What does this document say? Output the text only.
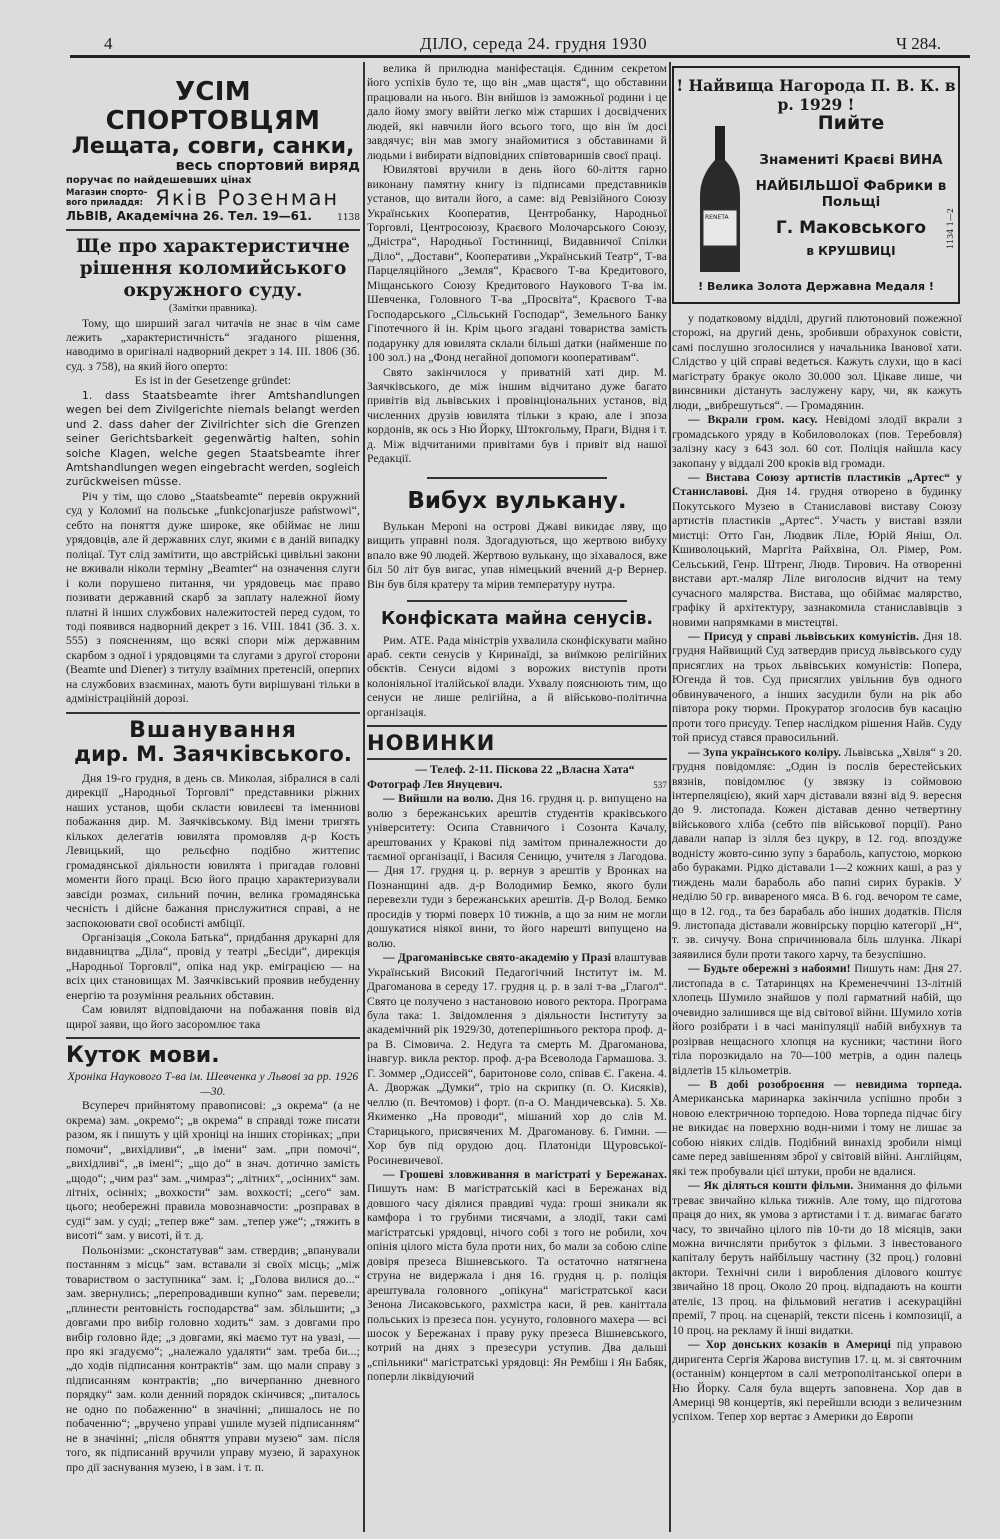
4	ДІЛО, середа 24. грудня 1930	Ч 284.
УСІМ СПОРТОВЦЯМ
Лещата, совги, санки,
весь спортовий виряд
поручає по найдешевших цінах
Магазин спорто-
вого приладдя: Яків Розенман
ЛЬВІВ, Академічна 26. Тел. 19—61.	1138
Ще про характеристичне рішення коломийського окружного суду.
(Замітки правника).

Тому, що ширший загал читачів не знає в чім саме лежить „характеристичність“ згаданого рішення, наводимо в оригіналі надворний декрет з 14. III. 1806 (Зб. суд. з 758), на який його оперто:

Es ist in der Gesetzenge gründet:

1. dass Staatsbeamte ihrer Amtshandlungen wegen bei dem Zivilgerichte niemals belangt werden und 2. dass daher der Zivilrichter sich die Grenzen seiner Gerichtsbarkeit gegenwärtig halten, sohin solche Klagen, welche gegen Staatsbeamte ihrer Amtshandlungen wegen eingebracht werden, sogleich zurückweisen müsse.

Річ у тім, що слово „Staatsbeamte“ перевів окружний суд у Коломиї на польське „funkcjonarjusze państwowi“, себто на поняття дуже широке, яке обіймає не лиш урядовців, але й державних слуг, якими є в даній випадку поліцаї. Тут слід замітити, що австрійські цивільні закони не вживали ніколи терміну „Beamter“ на означення слуги і коли порушено питання, чи урядовець має право позивати державний скарб за заплату належної йому платні й інших службових належитостей перед судом, то тоді появився надворний декрет з 16. VIII. 1841 (Зб. З. х. 555) з поясненням, що всякі спори між державним скарбом з одної і урядовцями та слугами з другої сторони (Beamte und Diener) з титулу взаїмних претенсій, оперпих на службових взаєминах, мають бути вирішувані тільки в адміністраційній дорозі.

Вшанування
дир. М. Заячківського.

Дня 19-го грудня, в день св. Миколая, зібралися в салі дирекції „Народньої Торговлі“ представники ріжних наших установ, щоби скласти ювилеєві та іменниові побажання дир. М. Заячківському. Від імени тригять кількох делегатів ювилята промовляв д-р Кость Левицький, що рельєфно подібно життепис громадянської діяльности ювилята і пригадав головні моменти його праці. Всю його працю характеризували завсіди розмах, сильний почин, велика громадянська чесність і дійсне бажання прислужитися справі, а не заспокоювати свої особисті амбіції.

Організація „Сокола Батька“, придбання друкарні для видавництва „Діла“, провід у театрі „Бесіди“, дирекція „Народньої Торговлі“, опіка над укр. еміграцією — на всіх цих становищах М. Заячківський проявив небуденну енергію та розуміння реальних обставин.

Сам ювилят відповідаючи на побажання повів від щирої заяви, що його засоромлює така

Куток мови.

Хроніка Наукового Т-ва ім. Шевченка у Львові за рр. 1926—30.

Всупереч прийнятому правописові: „з окрема“ (а не окрема) зам. „окремо“; „в окрема“ в справді тоже писати разом, як і пишуть у цій хроніці на інших сторінках; „при помочи“, „вихідливи“, „в імени“ зам. „при помочі“, „вихідливі“, „в імені“; „що до“ в знач. дотично замість „щодо“; „чим раз“ зам. „чимраз“; „літних“, „осінних“ зам. літніх, осінніх; „вохкости“ зам. вохкості; „сего“ зам. цього; необережні правила мовознавчости: „розправах в суді“ зам. у суді; „тепер вже“ зам. „тепер уже“; „тяжить в висоті“ зам. у висоті, й т. д.

Польонізми: „сконстатував“ зам. ствердив; „впанували постанням з місць“ зам. вставали зі своїх місць; „між товариством о заступника“ зам. і; „Голова вилися до...“ зам. звернулись; „перепровадивши купно“ зам. перевели; „плинести рентовність господарства“ зам. збільшити; „з довгами про вибір головно ходить“ зам. з довгами про вибір головно йде; „з довгами, які маємо тут на увазі, — про які згадуємо“; „належало удаляти“ зам. треба би...; „до ходів підписання контрактів“ зам. що мали справу з підписанням контрактів; „по вичерпанню дневного порядку“ зам. коли денний порядок скінчився; „питалось не одно по побаженню“ в значінні; „пишалось не по побаченню“; „вручено управі ушиле музей підписанням“ не в значінні; „після обняття управи музею“ зам. після того, як підписаний вручили управу музею, й зарахунок про дії заснування музею, і в зам. і т. п.

велика й прилюдна маніфестація. Єдиним секретом його успіхів було те, що він „мав щастя“, що обставини працювали на нього. Він вийшов із заможньої родини і це дало йому змогу ввійти легко між старших і досвідчених людей, які навчили його всього того, що він їм досі завдячує; він мав змогу знайомитися з обставинами й людьми і вибирати відповідних співтоваришів своєї праці.

Ювилятові вручили в день його 60-ліття гарно виконану памятну книгу із підписами представників установ, що витали його, а саме: від Ревізійного Союзу Українських Кооператив, Центробанку, Народньої Торговлі, Центросоюзу, Краєвого Молочарського Союзу, „Дністра“, Народньої Гостинниці, Видавничої Спілки „Діло“, „Достави“, Кооперативи „Український Театр“, Т-ва Парцеляційного „Земля“, Краєвого Т-ва Кредитового, Міщанського Союзу Кредитового Наукового Т-ва ім. Шевченка, Головного Т-ва „Просвіта“, Краєвого Т-ва Господарського „Сільський Господар“, Земельного Банку Гіпотечного й ін. Крім цього згадані товариства замість подарунку для ювилята склали більші датки (найменше по 100 зол.) на „Фонд негайної допомоги кооперативам“.

Свято закінчилося у приватній хаті дир. М. Заячківського, де між іншим відчитано дуже багато привітів від львівських і провінціональних установ, від численних друзів ювилята тільки з краю, але і зпоза кордонів, як ось з Ню Йорку, Штокгольму, Праги, Відня і т. д. Між відчитаними привітами був і привіт від нашої Редакції.

Вибух вулькану.

Вулькан Мероnі на острові Джаві викидає ляву, що вищить управні поля. Здогадуються, що жертвою вибуху впало вже 90 людей. Жертвою вулькану, що зіхавалося, вже біл 50 літ був вигас, упав німецький вчений д-р Вернер. Він був біля кратеру та мірив температуру нутра.

Конфіската майна сенусів.

Рим. АТЕ. Рада міністрів ухвалила сконфіскувати майно араб. секти сенусів у Киринаїді, за виїмкою релігійних обєктів. Сенуси відомі з ворожих виступів проти колоніяльної італійської влади. Ухвалу пояснюють тим, що сенуси не лише релігійна, а й військово-політична організація.

НОВИНКИ

— Телеф. 2-11. Піскова 22 „Власна Хата“

Фотограф Лев Януцевич.	537

— Вийшли на волю. Дня 16. грудня ц. р. випущено на волю з бережанських арештів студентів краківського університету: Осипа Ставничого і Созонта Качалу, арештованих у Кракові під замітом приналежности до таємної організації, і Василя Сеницю, учителя з Лагодова. — Дня 17. грудня ц. р. вернув з арештів у Вронках на Познанщині адв. д-р Володимир Бемко, якого були перевезли туди з бережанських арештів. Д-р Волод. Бемко просидів у тюрмі поверх 10 тижнів, а що за ним не могли дошукатися ніякої вини, то його нарешті випущено на волю.

— Драгоманівське свято-академію у Празі влаштував Український Високий Педагогічний Інститут ім. М. Драгоманова в середу 17. грудня ц. р. в залі т-ва „Глагол“. Свято це получено з настановою нового ректора. Програма була така: 1. Звідомлення з діяльности Інституту за академічний рік 1929/30, дотеперішнього ректора проф. д-ра В. Сімовича. 2. Недуга та смерть М. Драгоманова, інавгур. викла ректор. проф. д-ра Всеволода Гармашова. 3. Г. Зоммер „Одиссей“, баритонове соло, співав Є. Гакена. 4. А. Дворжак „Думки“, тріо на скрипку (п. О. Кисяків), челлю (п. Вечтомов) і форт. (п-а О. Мандичевська). 5. Хв. Якименко „На проводи“, мішаний хор до слів М. Старицького, присвячених М. Драгоманову. 6. Гимни. — Хор був під орудою доц. Платоніди Щуровської-Росиневичевої.

— Грошеві зловживання в магістраті у Бережанах. Пишуть нам: В магістратській касі в Бережанах від довшого часу діялися правдиві чуда: гроші зникали як камфора і то грубими тисячами, а злодії, таки самі магістратські урядовці, нічого собі з того не робили, хоч опінія цілого міста була проти них, бо мали за собою сліпе довіря презеса Вішневського. Та остаточно натягнена струна не видержала і дня 16. грудня ц. р. поліція арештувала головного „опікуна“ магістратської каси Зенона Лисаковського, рахмістра каси, й рев. каніттала польських із презеса пон. усунуто, головного махера — всі шосок у Бережанах і праву руку презеса Вішневського, котрий на днях з презесури уступив. Два дальші „спільники“ магістратські урядовці: Ян Рембіш і Ян Бабяк, поперли ліквідуючий

! Найвища Нагорода П. В. К. в р. 1929 !
Пийте
Знамениті Краєві ВИНА
НАЙБІЛЬШОЇ Фабрики в Польщі
Г. Маковського
в КРУШВИЦІ
! Велика Золота Державна Медаля !
1134 1—2
RENETA

у податковому відділі, другий плютоновий пожежної сторожі, на другий день, зробивши обрахунок совісти, самі послушно зголосилися у начальника Іванової хати. Слідство у цій справі ведеться. Кажуть слухи, що в касі магістрату бракує около 30.000 зол. Цікаве лише, чи винсвники дістануть заслужену кару, чи, як кажуть люди, „вибрешуться“. — Громадянин.

— Вкрали гром. касу. Невідомі злодії вкрали з громадського уряду в Кобиловолоках (пов. Теребовля) залізну касу з 643 зол. 60 сот. Поліція найшла касу закопану у віддалі 200 кроків від громади.

— Вистава Союзу артистів пластиків „Артес“ у Станиславові. Дня 14. грудня отворено в будинку Покутського Музею в Станиславові виставу Союзу артистів пластиків „Артес“. Участь у виставі взяли мистці: Отто Ган, Людвик Ліле, Юрій Яніш, Ол. Кшиволоцький, Маргіта Райхвіна, Ол. Рімер, Ром. Сельський, Генр. Штренг, Людв. Тирович. На отворенні вистави арт.-маляр Ліле виголосив відчит на тему сучасного малярства. Виставa, що обіймає малярство, графіку й архітектуру, зазнакомила станиславівців з новими напрямками в мистецтві.

— Присуд у справі львівських комуністів. Дня 18. грудня Найвищий Суд затвердив присуд львівського суду присяглих на трьох львівських комуністів: Попера, Югенда й тов. Суд присяглих увільнив був одного обвинуваченого, а інших засудили були на рік або півтора року тюрми. Прокуратор зголосив був касацію проти того присуду. Тепер наслідком рішення Найв. Суду той присуд стався правосильний.

— Зупа українського коліру. Львівська „Хвіля“ з 20. грудня повідомляє: „Один із послів берестейських вязнів, повідомлює (у звязку із соймовою інтерпеляцією), який харч діставали вязні від 9. вересня до 9. листопада. Кожен діставав денно четвертину військового хліба (себто пів військової порції). Рано давали напар із зілля без цукру, в 12. год. впоздуже водністу жовто-синю зупу з бараболь, капустою, моркою або бураками. Рідко діставали 1—2 кожних каші, а раз у тиждень мали бараболь або папні сирих бураків. У неділю 50 гр. вивареного мяса. В 6. год. вечором те саме, що в 12. год., та без барабаль або інших додатків. Після 9. листопада діставали жовнірську порцію категорії „Н“, т. зв. сичучу. Вона спричинювала біль шлунка. Лікарі заявилися були проти такого харчу, та безуспішно.

— Будьте обережні з набоями! Пишуть нам: Дня 27. листопада в с. Татаринцях на Кременеччині 13-літній хлопець Шумило знайшов у полі гарматний набій, що очевидно залишився ще від світової війни. Шумило хотів його розібрати і в часі маніпуляції набій вибухнув та розірвав нещасного хлопця на кусники; частини його тіла порозкидало на 70—100 метрів, а один палець відлетів 15 кільометрів.

— В добі розоброєння — невидима торпеда. Американська маринарка закінчила успішно проби з новою електричною торпедою. Нова торпеда підчас бігу не викидає на поверхню водн-ними і тому не лишає за собою ніяких слідів. Подібний винахід зробили німці саме перед завішенням зброї у світовій війні. Англійцям, які теж пробували цієї штуки, проби не вдалися.

— Як діляться кошти фільми. Знимання до фільми треває звичайно кілька тижнів. Але тому, що підготова праця до них, як умова з артистами і т. д. вимагає багато часу, то звичайно цілого пів 10-ти до 18 місяців, заки можна вичисляти прибуток з фільми. З інвестованого капіталу беруть найбільшу частину (32 проц.) головні актори. Технічні сили і виробления ділового коштує звичайно 18 проц. Около 20 проц. відпадають на кошти ателіє, 13 проц. на фільмовий негатив і асекураційні премії, 7 проц. на сценарій, тексти пісень і композиції, а 10 проц. на рекламу й інші видатки.

— Хор донських козаків в Америці під управою диригента Сергія Жарова виступив 17. ц. м. зі святочним (останнім) концертом в салі метрополітанської опери в Ню Йорку. Саля була вщерть заповнена. Хор дав в Америці 98 концертів, які перейшли всюди з величезним успіхом. Тепер хор вертає з Америки до Европи
